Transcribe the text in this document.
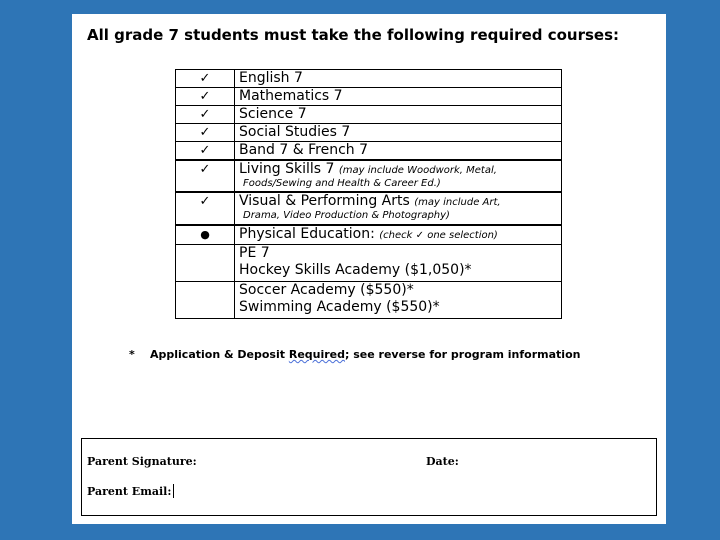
All grade 7 students must take the following required courses:
✓	English 7
✓	Mathematics 7
✓	Science 7
✓	Social Studies 7
✓	Band 7 & French 7
✓	Living Skills 7 (may include Woodwork, Metal,
Foods/Sewing and Health & Career Ed.)

✓	Visual & Performing Arts (may include Art,
Drama, Video Production & Photography)

●	Physical Education: (check ✓ one selection)

	PE 7
Hockey Skills Academy ($1,050)*

	Soccer Academy ($550)*
Swimming Academy ($550)*
* Application & Deposit Required; see reverse for program information
Parent Signature:	Date:
Parent Email:
